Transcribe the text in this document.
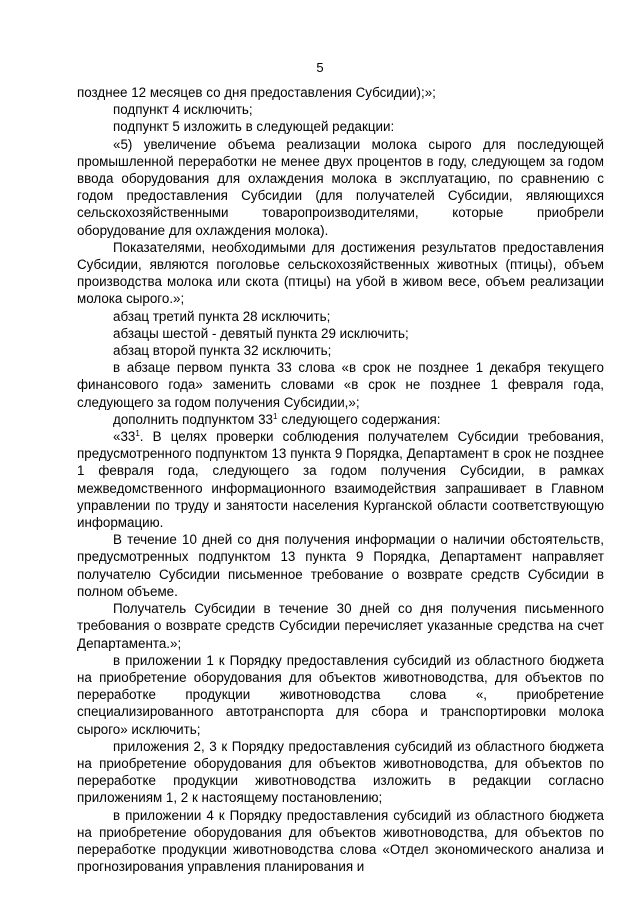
5

позднее 12 месяцев со дня предоставления Субсидии);»;

подпункт 4 исключить;

подпункт 5 изложить в следующей редакции:

«5) увеличение объема реализации молока сырого для последующей промышленной переработки не менее двух процентов в году, следующем за годом ввода оборудования для охлаждения молока в эксплуатацию, по сравнению с годом предоставления Субсидии (для получателей Субсидии, являющихся сельскохозяйственными товаропроизводителями, которые приобрели оборудование для охлаждения молока).

Показателями, необходимыми для достижения результатов предоставления Субсидии, являются поголовье сельскохозяйственных животных (птицы), объем производства молока или скота (птицы) на убой в живом весе, объем реализации молока сырого.»;

абзац третий пункта 28 исключить;

абзацы шестой - девятый пункта 29 исключить;

абзац второй пункта 32 исключить;

в абзаце первом пункта 33 слова «в срок не позднее 1 декабря текущего финансового года» заменить словами «в срок не позднее 1 февраля года, следующего за годом получения Субсидии,»;

дополнить подпунктом $33^1$ следующего содержания:

«$33^1$. В целях проверки соблюдения получателем Субсидии требования, предусмотренного подпунктом 13 пункта 9 Порядка, Департамент в срок не позднее 1 февраля года, следующего за годом получения Субсидии, в рамках межведомственного информационного взаимодействия запрашивает в Главном управлении по труду и занятости населения Курганской области соответствующую информацию.

В течение 10 дней со дня получения информации о наличии обстоятельств, предусмотренных подпунктом 13 пункта 9 Порядка, Департамент направляет получателю Субсидии письменное требование о возврате средств Субсидии в полном объеме.

Получатель Субсидии в течение 30 дней со дня получения письменного требования о возврате средств Субсидии перечисляет указанные средства на счет Департамента.»;

в приложении 1 к Порядку предоставления субсидий из областного бюджета на приобретение оборудования для объектов животноводства, для объектов по переработке продукции животноводства слова «, приобретение специализированного автотранспорта для сбора и транспортировки молока сырого» исключить;

приложения 2, 3 к Порядку предоставления субсидий из областного бюджета на приобретение оборудования для объектов животноводства, для объектов по переработке продукции животноводства изложить в редакции согласно приложениям 1, 2 к настоящему постановлению;

в приложении 4 к Порядку предоставления субсидий из областного бюджета на приобретение оборудования для объектов животноводства, для объектов по переработке продукции животноводства слова «Отдел экономического анализа и прогнозирования управления планирования и
